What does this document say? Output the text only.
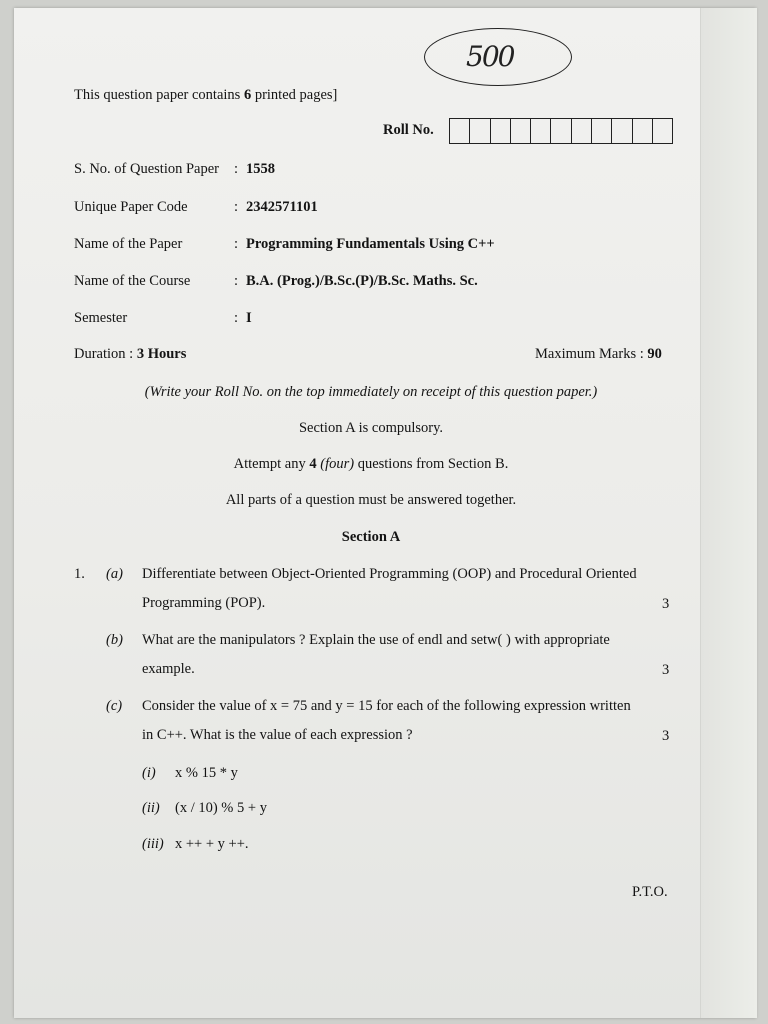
500
This question paper contains 6 printed pages]
Roll No.
S. No. of Question Paper : 1558
Unique Paper Code	: 2342571101
Name of the Paper	: Programming Fundamentals Using C++
Name of the Course	: B.A. (Prog.)/B.Sc.(P)/B.Sc. Maths. Sc.
Semester	: I
Duration : 3 Hours	Maximum Marks : 90
(Write your Roll No. on the top immediately on receipt of this question paper.)
Section A is compulsory.
Attempt any 4 (four) questions from Section B.
All parts of a question must be answered together.
Section A
1. (a) Differentiate between Object-Oriented Programming (OOP) and Procedural Oriented
Programming (POP).	3
(b) What are the manipulators ? Explain the use of endl and setw( ) with appropriate
example.	3
(c) Consider the value of x = 75 and y = 15 for each of the following expression written
in C++. What is the value of each expression ?	3
(i) x % 15 * y
(ii) (x / 10) % 5 + y
(iii) x ++ + y ++.
P.T.O.
